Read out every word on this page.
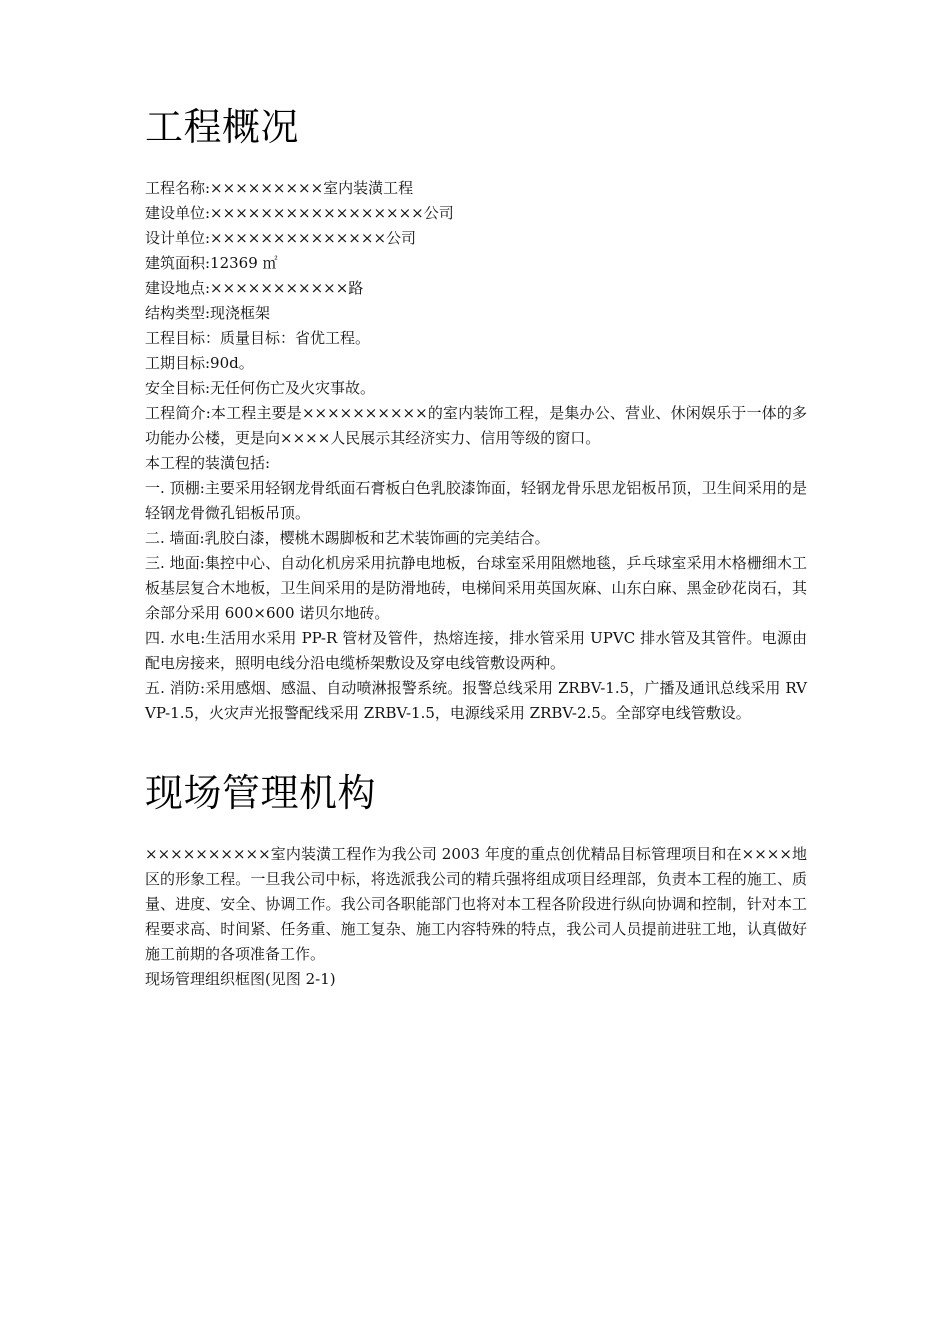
工程概况

工程名称:×××××××××室内装潢工程

建设单位:×××××××××××××××××公司

设计单位:××××××××××××××公司

建筑面积:12369 ㎡

建设地点:×××××××××××路

结构类型:现浇框架

工程目标：质量目标：省优工程。

工期目标:90d。

安全目标:无任何伤亡及火灾事故。

工程简介:本工程主要是××××××××××的室内装饰工程，是集办公、营业、休闲娱乐于一体的多功能办公楼，更是向××××人民展示其经济实力、信用等级的窗口。

本工程的装潢包括:

一. 顶棚:主要采用轻钢龙骨纸面石膏板白色乳胶漆饰面，轻钢龙骨乐思龙铝板吊顶，卫生间采用的是轻钢龙骨微孔铝板吊顶。

二. 墙面:乳胶白漆，樱桃木踢脚板和艺术装饰画的完美结合。

三. 地面:集控中心、自动化机房采用抗静电地板，台球室采用阻燃地毯，乒乓球室采用木格栅细木工板基层复合木地板，卫生间采用的是防滑地砖，电梯间采用英国灰麻、山东白麻、黑金砂花岗石，其余部分采用 600×600 诺贝尔地砖。

四. 水电:生活用水采用 PP-R 管材及管件，热熔连接，排水管采用 UPVC 排水管及其管件。电源由配电房接来，照明电线分沿电缆桥架敷设及穿电线管敷设两种。

五. 消防:采用感烟、感温、自动喷淋报警系统。报警总线采用 ZRBV-1.5，广播及通讯总线采用 RVVP-1.5，火灾声光报警配线采用 ZRBV-1.5，电源线采用 ZRBV-2.5。全部穿电线管敷设。

现场管理机构

××××××××××室内装潢工程作为我公司 2003 年度的重点创优精品目标管理项目和在××××地区的形象工程。一旦我公司中标，将选派我公司的精兵强将组成项目经理部，负责本工程的施工、质量、进度、安全、协调工作。我公司各职能部门也将对本工程各阶段进行纵向协调和控制，针对本工程要求高、时间紧、任务重、施工复杂、施工内容特殊的特点，我公司人员提前进驻工地，认真做好施工前期的各项准备工作。

现场管理组织框图(见图 2-1)
